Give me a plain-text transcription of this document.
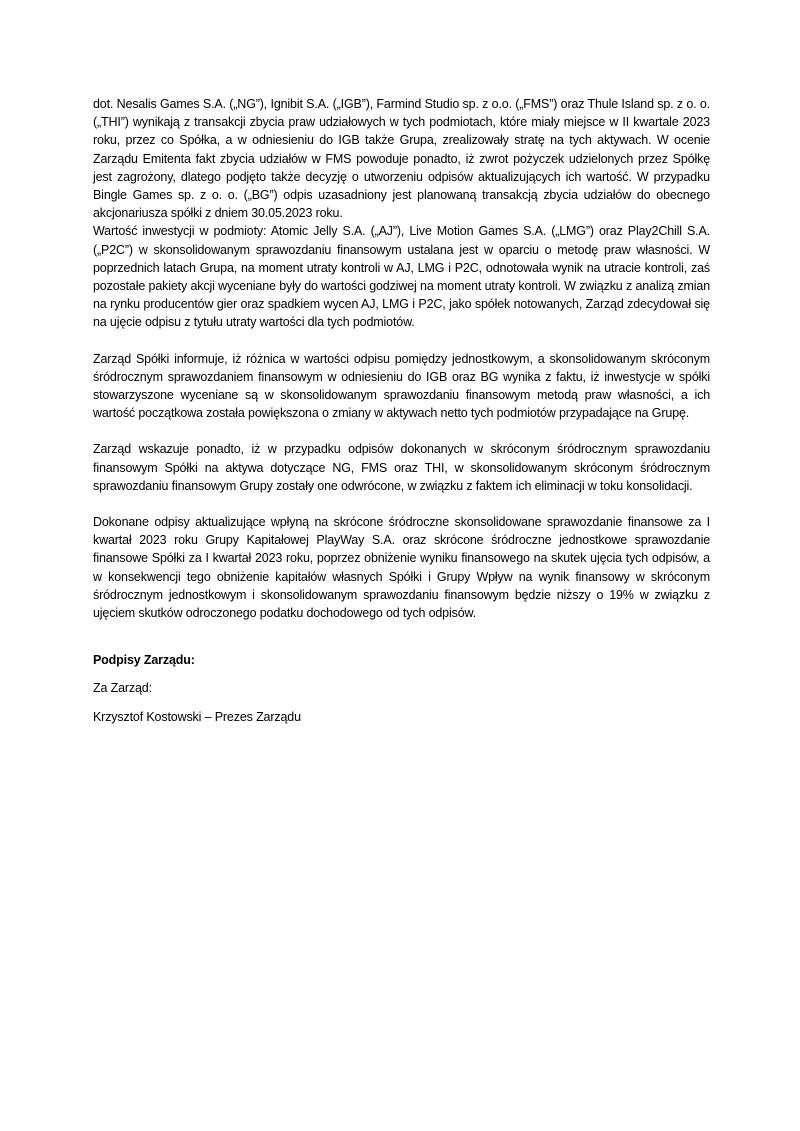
dot. Nesalis Games S.A. („NG”), Ignibit S.A. („IGB”), Farmind Studio sp. z o.o. („FMS”) oraz Thule Island sp. z o. o. („THI”) wynikają z transakcji zbycia praw udziałowych w tych podmiotach, które miały miejsce w II kwartale 2023 roku, przez co Spółka, a w odniesieniu do IGB także Grupa, zrealizowały stratę na tych aktywach. W ocenie Zarządu Emitenta fakt zbycia udziałów w FMS powoduje ponadto, iż zwrot pożyczek udzielonych przez Spółkę jest zagrożony, dlatego podjęto także decyzję o utworzeniu odpisów aktualizujących ich wartość. W przypadku Bingle Games sp. z o. o. („BG”) odpis uzasadniony jest planowaną transakcją zbycia udziałów do obecnego akcjonariusza spółki z dniem 30.05.2023 roku.

Wartość inwestycji w podmioty: Atomic Jelly S.A. („AJ”), Live Motion Games S.A. („LMG”) oraz Play2Chill S.A. („P2C”) w skonsolidowanym sprawozdaniu finansowym ustalana jest w oparciu o metodę praw własności. W poprzednich latach Grupa, na moment utraty kontroli w AJ, LMG i P2C, odnotowała wynik na utracie kontroli, zaś pozostałe pakiety akcji wyceniane były do wartości godziwej na moment utraty kontroli. W związku z analizą zmian na rynku producentów gier oraz spadkiem wycen AJ, LMG i P2C, jako spółek notowanych, Zarząd zdecydował się na ujęcie odpisu z tytułu utraty wartości dla tych podmiotów.

Zarząd Spółki informuje, iż różnica w wartości odpisu pomiędzy jednostkowym, a skonsolidowanym skróconym śródrocznym sprawozdaniem finansowym w odniesieniu do IGB oraz BG wynika z faktu, iż inwestycje w spółki stowarzyszone wyceniane są w skonsolidowanym sprawozdaniu finansowym metodą praw własności, a ich wartość początkowa została powiększona o zmiany w aktywach netto tych podmiotów przypadające na Grupę.

Zarząd wskazuje ponadto, iż w przypadku odpisów dokonanych w skróconym śródrocznym sprawozdaniu finansowym Spółki na aktywa dotyczące NG, FMS oraz THI, w skonsolidowanym skróconym śródrocznym sprawozdaniu finansowym Grupy zostały one odwrócone, w związku z faktem ich eliminacji w toku konsolidacji.

Dokonane odpisy aktualizujące wpłyną na skrócone śródroczne skonsolidowane sprawozdanie finansowe za I kwartał 2023 roku Grupy Kapitałowej PlayWay S.A. oraz skrócone śródroczne jednostkowe sprawozdanie finansowe Spółki za I kwartał 2023 roku, poprzez obniżenie wyniku finansowego na skutek ujęcia tych odpisów, a w konsekwencji tego obniżenie kapitałów własnych Spółki i Grupy Wpływ na wynik finansowy w skróconym śródrocznym jednostkowym i skonsolidowanym sprawozdaniu finansowym będzie niższy o 19% w związku z ujęciem skutków odroczonego podatku dochodowego od tych odpisów.

Podpisy Zarządu:

Za Zarząd:

Krzysztof Kostowski – Prezes Zarządu
